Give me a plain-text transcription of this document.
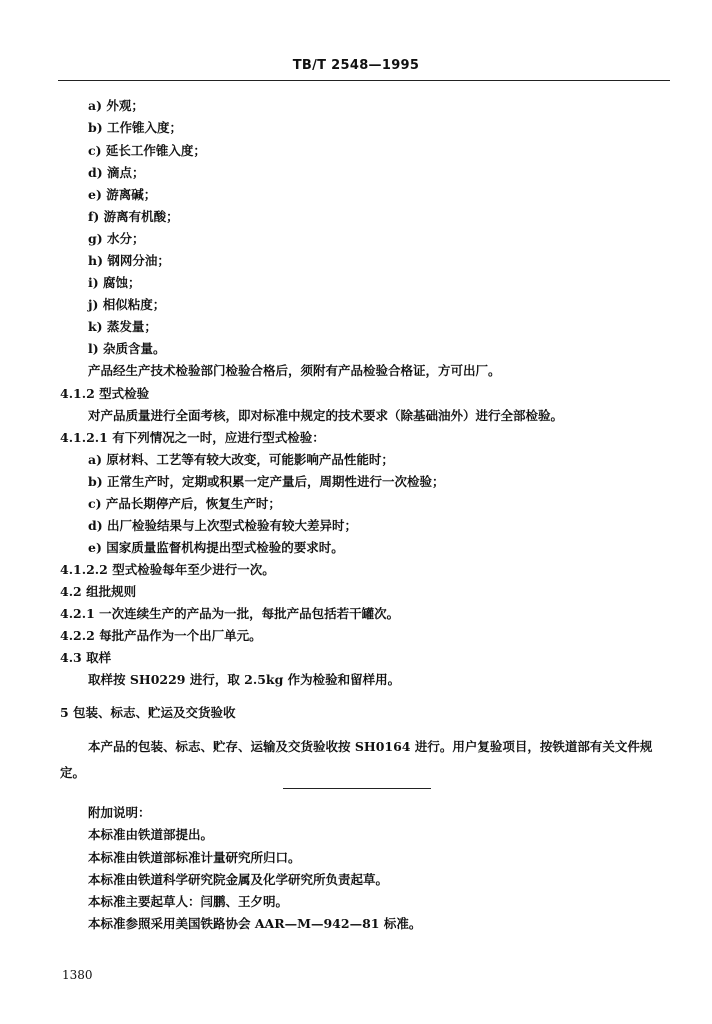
TB/T 2548—1995
a) 外观；
b) 工作锥入度；
c) 延长工作锥入度；
d) 滴点；
e) 游离碱；
f) 游离有机酸；
g) 水分；
h) 钢网分油；
i) 腐蚀；
j) 相似粘度；
k) 蒸发量；
l) 杂质含量。
产品经生产技术检验部门检验合格后，须附有产品检验合格证，方可出厂。
4.1.2 型式检验
对产品质量进行全面考核，即对标准中规定的技术要求（除基础油外）进行全部检验。
4.1.2.1 有下列情况之一时，应进行型式检验：
a) 原材料、工艺等有较大改变，可能影响产品性能时；
b) 正常生产时，定期或积累一定产量后，周期性进行一次检验；
c) 产品长期停产后，恢复生产时；
d) 出厂检验结果与上次型式检验有较大差异时；
e) 国家质量监督机构提出型式检验的要求时。
4.1.2.2 型式检验每年至少进行一次。
4.2 组批规则
4.2.1 一次连续生产的产品为一批，每批产品包括若干罐次。
4.2.2 每批产品作为一个出厂单元。
4.3 取样
取样按 SH0229 进行，取 2.5kg 作为检验和留样用。
5 包装、标志、贮运及交货验收
本产品的包装、标志、贮存、运输及交货验收按 SH0164 进行。用户复验项目，按铁道部有关文件规定。
附加说明：
本标准由铁道部提出。
本标准由铁道部标准计量研究所归口。
本标准由铁道科学研究院金属及化学研究所负责起草。
本标准主要起草人：闫鹏、王夕明。
本标准参照采用美国铁路协会 AAR—M—942—81 标准。
1380
